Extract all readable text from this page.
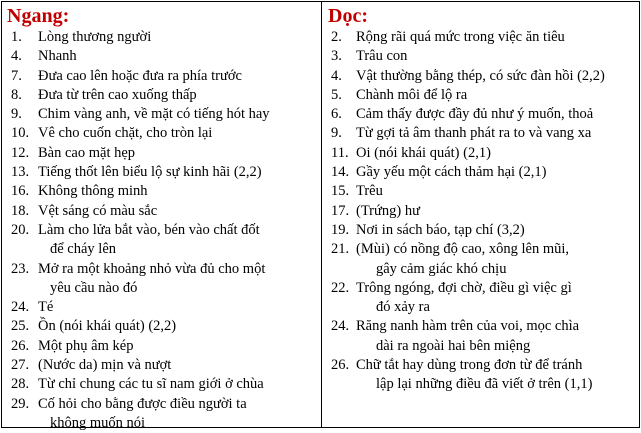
Ngang:
1.	Lòng thương người
4.	Nhanh
7.	Đưa cao lên hoặc đưa ra phía trước
8.	Đưa từ trên cao xuống thấp
9.	Chim vàng anh, về mặt có tiếng hót hay
10. Vê cho cuốn chặt, cho tròn lại
12. Bàn cao mặt hẹp
13. Tiếng thốt lên biểu lộ sự kinh hãi (2,2)
16. Không thông minh
18. Vệt sáng có màu sắc
20. Làm cho lửa bắt vào, bén vào chất đốt
để cháy lên
23. Mở ra một khoảng nhỏ vừa đủ cho một
yêu cầu nào đó
24. Té
25. Ồn (nói khái quát) (2,2)
26. Một phụ âm kép
27. (Nước da) mịn và nượt
28. Từ chỉ chung các tu sĩ nam giới ở chùa
29. Cố hỏi cho bằng được điều người ta
không muốn nói
Dọc:
2. Rộng rãi quá mức trong việc ăn tiêu
3. Trâu con
4. Vật thường bằng thép, có sức đàn hồi (2,2)
5. Chành môi để lộ ra
6. Cảm thấy được đầy đủ như ý muốn, thoả
9. Từ gợi tả âm thanh phát ra to và vang xa
11. Oi (nói khái quát) (2,1)
14. Gầy yếu một cách thảm hại (2,1)
15. Trêu
17. (Trứng) hư
19. Nơi in sách báo, tạp chí (3,2)
21. (Mùi) có nồng độ cao, xông lên mũi,
gây cảm giác khó chịu
22. Trông ngóng, đợi chờ, điều gì việc gì
đó xảy ra
24. Răng nanh hàm trên của voi, mọc chìa
dài ra ngoài hai bên miệng
26. Chữ tắt hay dùng trong đơn từ để tránh
lập lại những điều đã viết ở trên (1,1)
